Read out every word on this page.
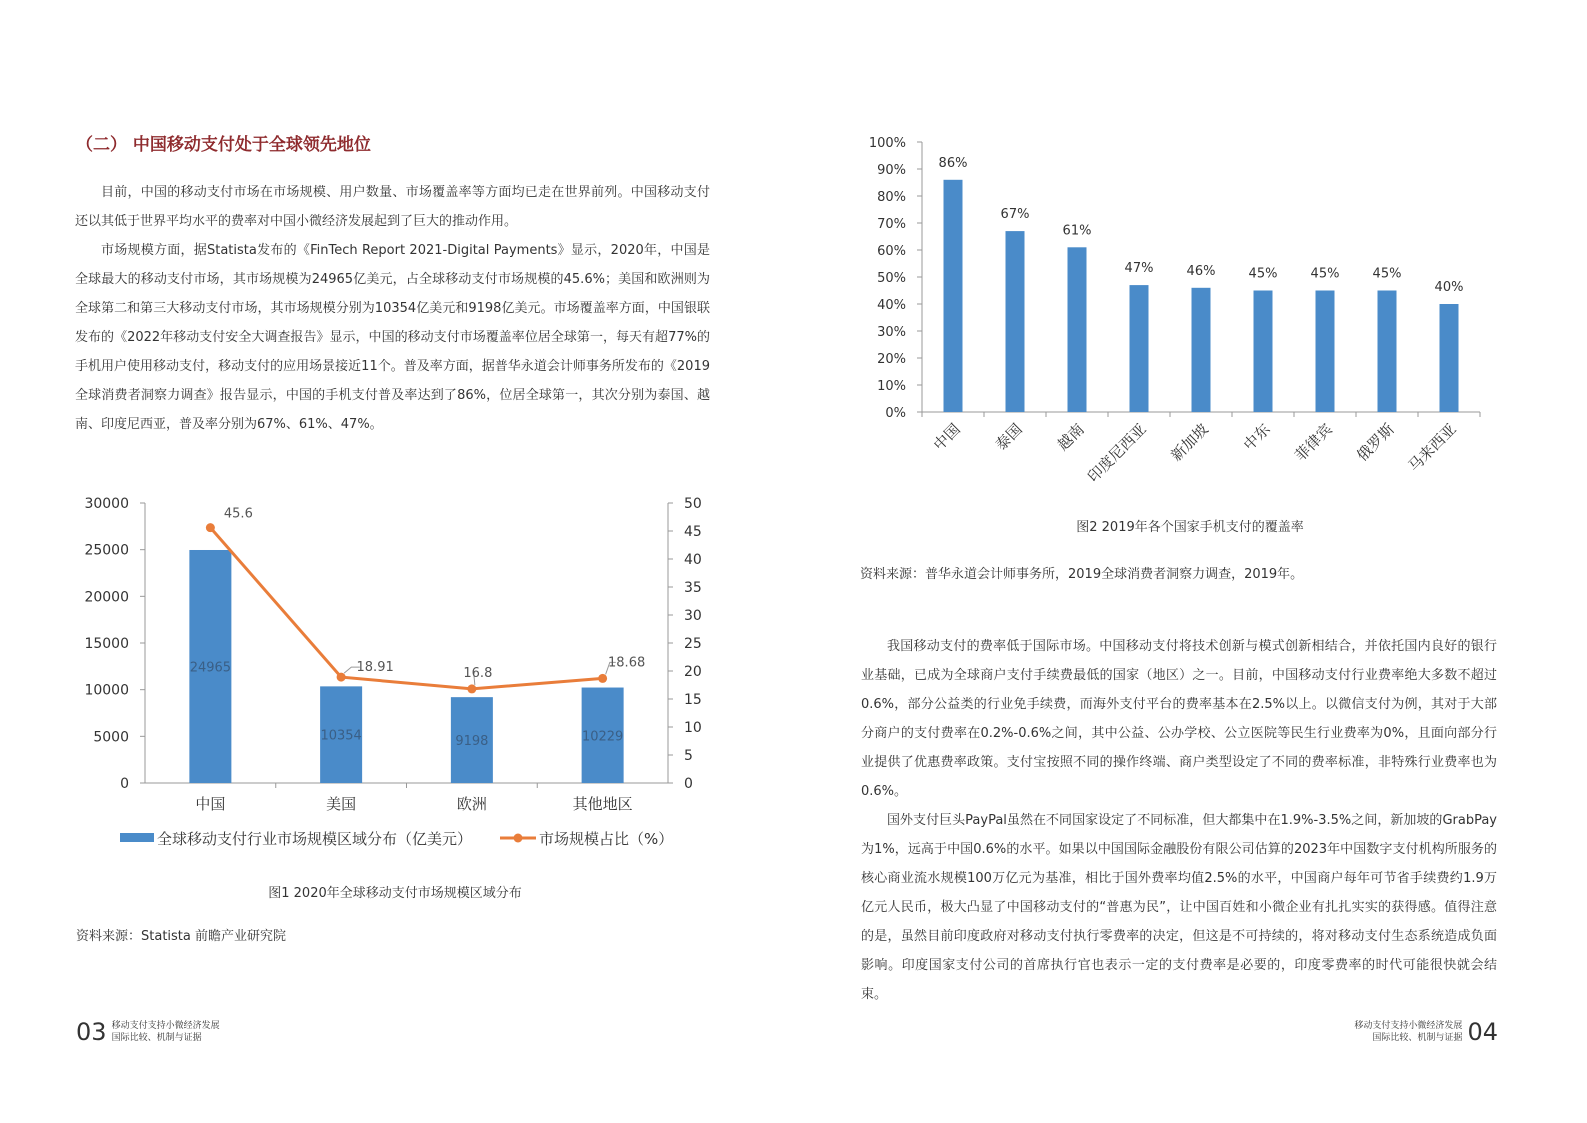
（二） 中国移动支付处于全球领先地位

目前，中国的移动支付市场在市场规模、用户数量、市场覆盖率等方面均已走在世界前列。中国移动支付还以其低于世界平均水平的费率对中国小微经济发展起到了巨大的推动作用。

市场规模方面，据Statista发布的《FinTech Report 2021-Digital Payments》显示，2020年，中国是全球最大的移动支付市场，其市场规模为24965亿美元，占全球移动支付市场规模的45.6%；美国和欧洲则为全球第二和第三大移动支付市场，其市场规模分别为10354亿美元和9198亿美元。市场覆盖率方面，中国银联发布的《2022年移动支付安全大调查报告》显示，中国的移动支付市场覆盖率位居全球第一，每天有超77%的手机用户使用移动支付，移动支付的应用场景接近11个。普及率方面，据普华永道会计师事务所发布的《2019全球消费者洞察力调查》报告显示，中国的手机支付普及率达到了86%，位居全球第一，其次分别为泰国、越南、印度尼西亚，普及率分别为67%、61%、47%。

0
5000
10000
15000
20000
25000
30000
0
5
10
15
20
25
30
35
40
45
50
24965
10354	9198	10229
45.6
18.91	16.8
18.68
中国	美国	欧洲	其他地区
全球移动支付行业市场规模区域分布（亿美元）	市场规模占比（%）
图1 2020年全球移动支付市场规模区域分布
资料来源：Statista 前瞻产业研究院
03 移动支付支持小微经济发展
国际比较、机制与证据
0%
10%
20%
30%
40%
50%
60%
70%
80%
90%
100%
86%
67%
61%
47%	46%	45%	45%	45%
40%
中国 泰国 越南
印度尼西亚 新加坡 中东 菲律宾 俄罗斯 马来西亚
图2 2019年各个国家手机支付的覆盖率
资料来源：普华永道会计师事务所，2019全球消费者洞察力调查，2019年。

我国移动支付的费率低于国际市场。中国移动支付将技术创新与模式创新相结合，并依托国内良好的银行业基础，已成为全球商户支付手续费最低的国家（地区）之一。目前，中国移动支付行业费率绝大多数不超过0.6%，部分公益类的行业免手续费，而海外支付平台的费率基本在2.5%以上。以微信支付为例，其对于大部分商户的支付费率在0.2%-0.6%之间，其中公益、公办学校、公立医院等民生行业费率为0%，且面向部分行业提供了优惠费率政策。支付宝按照不同的操作终端、商户类型设定了不同的费率标准，非特殊行业费率也为0.6%。

国外支付巨头PayPal虽然在不同国家设定了不同标准，但大都集中在1.9%-3.5%之间，新加坡的GrabPay为1%，远高于中国0.6%的水平。如果以中国国际金融股份有限公司估算的2023年中国数字支付机构所服务的核心商业流水规模100万亿元为基准，相比于国外费率均值2.5%的水平，中国商户每年可节省手续费约1.9万亿元人民币，极大凸显了中国移动支付的“普惠为民”，让中国百姓和小微企业有扎扎实实的获得感。值得注意的是，虽然目前印度政府对移动支付执行零费率的决定，但这是不可持续的，将对移动支付生态系统造成负面影响。印度国家支付公司的首席执行官也表示一定的支付费率是必要的，印度零费率的时代可能很快就会结束。

移动支付支持小微经济发展
国际比较、机制与证据 04
